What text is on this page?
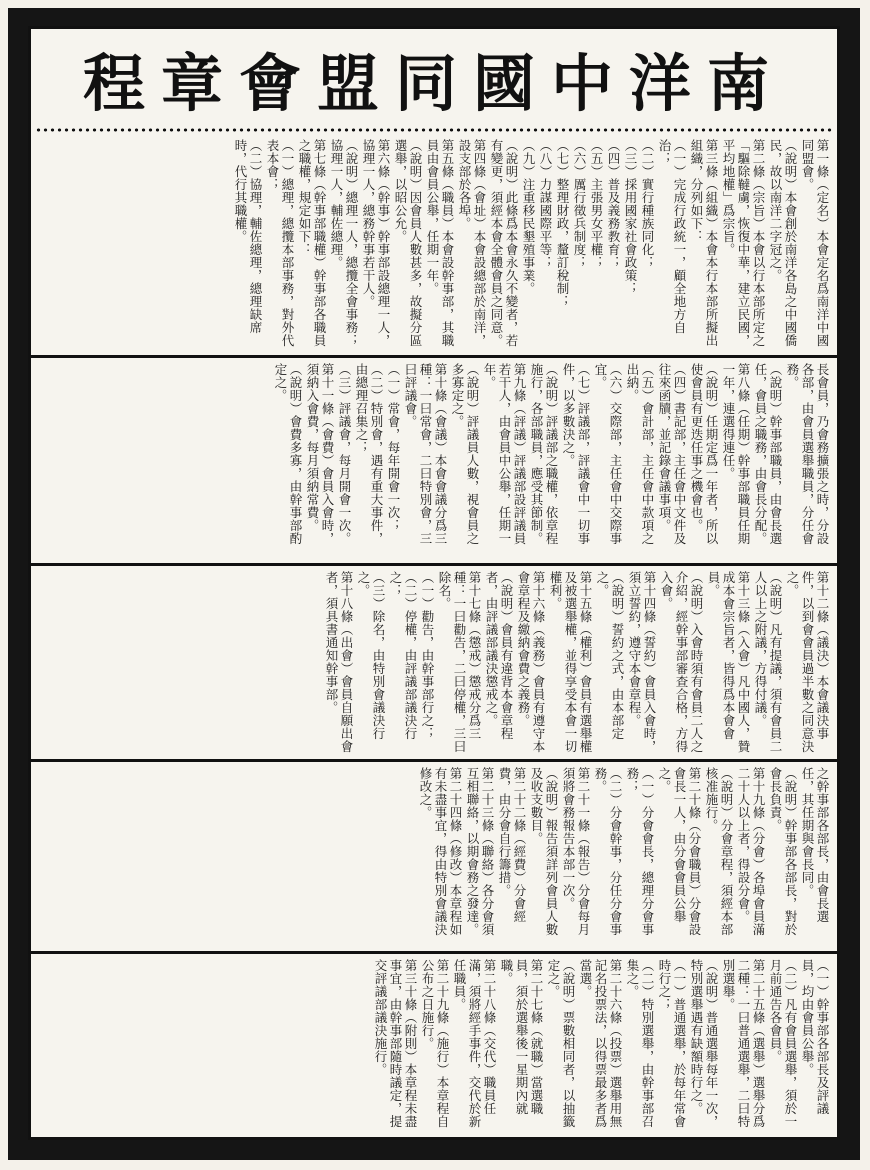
南洋中國同盟會章程
第一條（定名）本會定名爲南洋中國同盟會。
（說明）本會創於南洋各島之中國僑民，故以南洋二字冠之。
第二條（宗旨）本會以行本部所定之「驅除韃虜，恢復中華，建立民國，平均地權」爲宗旨。
第三條（組織）本會本行本部所擬出組織，分列如下：
（一）完成行政統一，顧全地方自治；
（二）實行種族同化；
（三）採用國家社會政策；
（四）普及義務教育；
（五）主張男女平權；
（六）厲行徵兵制度；
（七）整理財政，釐訂稅制；
（八）力謀國際平等；
（九）注重移民墾殖事業。
（說明）此條爲本會永久不變者，若有變更，須經本會全體會員之同意。
第四條（會址）本會設總部於南洋，設支部於各埠。
第五條（職員）本會設幹事部，其職員由會員公舉，任期一年。
（說明）因會員人數甚多，故擬分區選舉，以昭公允。
第六條（幹事）幹事部設總理一人，協理一人，總務幹事若干人。
（說明）總理一人，總攬全會事務；協理一人，輔佐總理。
第七條（幹事部職權）幹事部各職員之職權，規定如下：
（一）總理，總攬本部事務，對外代表本會；
（二）協理，輔佐總理，總理缺席時，代行其職權。
長會員，乃會務擴張之時，分設各部，由會員選舉職員，分任會務。
（說明）幹事部職員，由會長選任，會員之職務，由會長分配。
第八條（任期）幹事部職員任期一年，連選得連任。
（說明）任期定爲一年者，所以使會員有更迭任事之機會也。
（四）書記部，主任會中文件及往來函牘，並記錄會議事項。
（五）會計部，主任會中款項之出納。
（六）交際部，主任會中交際事宜。
（七）評議部，評議會中一切事件，以多數決之。
（說明）評議部之職權，依章程施行，各部職員，應受其節制。
第九條（評議）評議部設評議員若干人，由會員中公舉，任期一年。
（說明）評議員人數，視會員之多寡定之。
第十條（會議）本會會議分爲三種：一曰常會，二曰特別會，三曰評議會。
（一）常會，每年開會一次；
（二）特別會，遇有重大事件，由總理召集之；
（三）評議會，每月開會一次。
第十一條（會費）會員入會時，須納入會費，每月須納常費。
（說明）會費多寡，由幹事部酌定之。
第十二條（議決）本會議決事件，以到會會員過半數之同意決之。
（說明）凡有提議，須有會員二人以上之附議，方得付議。
第十三條（入會）凡中國人，贊成本會宗旨者，皆得爲本會會員。
（說明）入會時須有會員二人之介紹，經幹事部審查合格，方得入會。
第十四條（誓約）會員入會時，須立誓約，遵守本會章程。
（說明）誓約之式，由本部定之。
第十五條（權利）會員有選舉權及被選舉權，並得享受本會一切權利。
第十六條（義務）會員有遵守本會章程及繳納會費之義務。
（說明）會員有違背本會章程者，由評議部議決懲戒之。
第十七條（懲戒）懲戒分爲三種：一曰勸告，二曰停權，三曰除名。
（一）勸告，由幹事部行之；
（二）停權，由評議部議決行之；
（三）除名，由特別會議決行之。
第十八條（出會）會員自願出會者，須具書通知幹事部。
之幹事部各部長，由會長選任，其任期與會長同。
（說明）幹事部各部長，對於會長負責。
第十九條（分會）各埠會員滿二十人以上者，得設分會。
（說明）分會章程，須經本部核准施行。
第二十條（分會職員）分會設會長一人，由分會會員公舉之。
（一）分會會長，總理分會事務；
（二）分會幹事，分任分會事務。
第二十一條（報告）分會每月須將會務報告本部一次。
（說明）報告須詳列會員人數及收支數目。
第二十二條（經費）分會經費，由分會自行籌措。
第二十三條（聯絡）各分會須互相聯絡，以期會務之發達。
第二十四條（修改）本章程如有未盡事宜，得由特別會議決修改之。
（一）幹事部各部長及評議員，均由會員公舉。
（二）凡有會員選舉，須於一月前通告各會員。
第二十五條（選舉）選舉分爲二種：一曰普通選舉，二曰特別選舉。
（說明）普通選舉每年一次，特別選舉遇有缺額時行之。
（一）普通選舉，於每年常會時行之；
（二）特別選舉，由幹事部召集之。
第二十六條（投票）選舉用無記名投票法，以得票最多者爲當選。
（說明）票數相同者，以抽籤定之。
第二十七條（就職）當選職員，須於選舉後一星期內就職。
第二十八條（交代）職員任滿，須將經手事件，交代於新任職員。
第二十九條（施行）本章程自公布之日施行。
第三十條（附則）本章程未盡事宜，由幹事部隨時議定，提交評議部議決施行。
